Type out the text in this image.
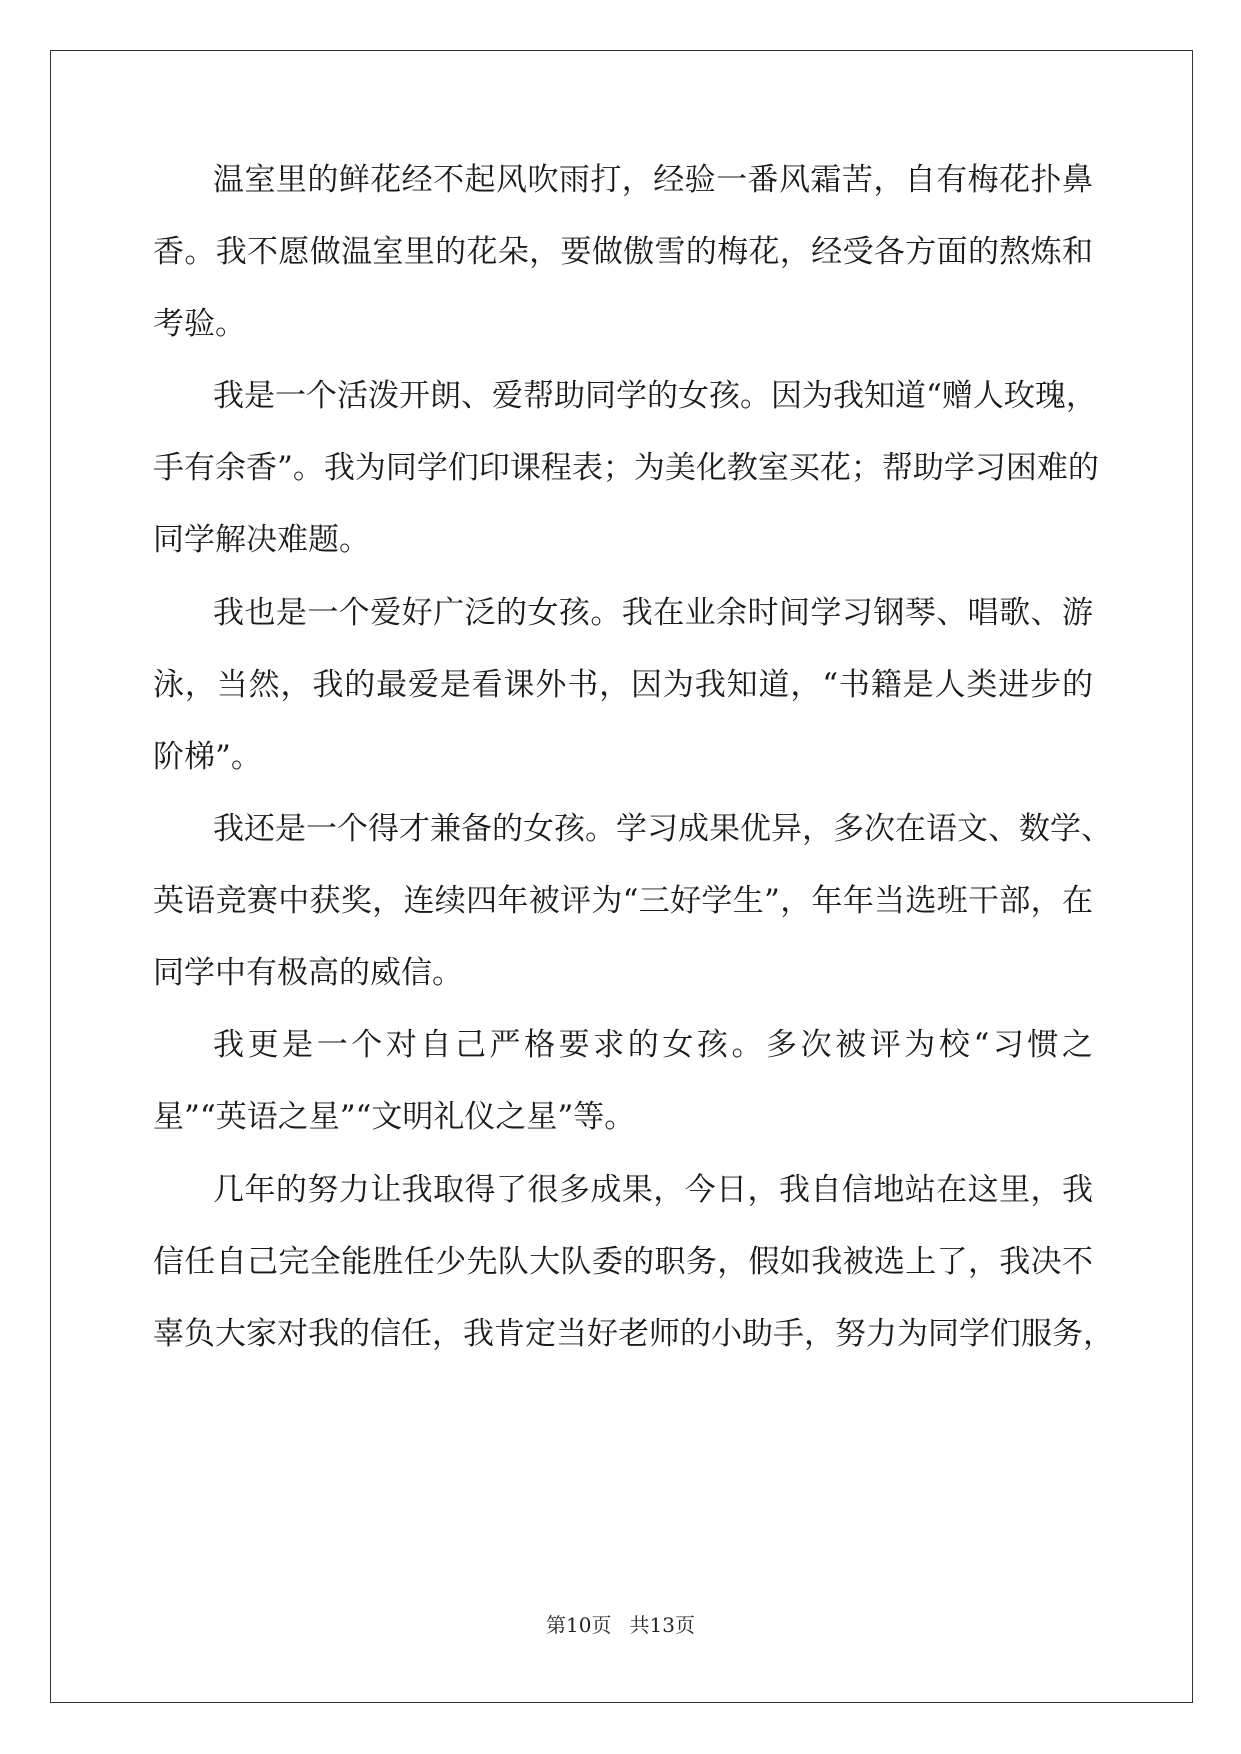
温室里的鲜花经不起风吹雨打，经验一番风霜苦，自有梅花扑鼻
香。我不愿做温室里的花朵，要做傲雪的梅花，经受各方面的熬炼和
考验。
我是一个活泼开朗、爱帮助同学的女孩。因为我知道“赠人玫瑰，
手有余香”。我为同学们印课程表；为美化教室买花；帮助学习困难的
同学解决难题。
我也是一个爱好广泛的女孩。我在业余时间学习钢琴、唱歌、游
泳，当然，我的最爱是看课外书，因为我知道，“书籍是人类进步的
阶梯”。
我还是一个得才兼备的女孩。学习成果优异，多次在语文、数学、
英语竞赛中获奖，连续四年被评为“三好学生”，年年当选班干部，在
同学中有极高的威信。
我更是一个对自己严格要求的女孩。多次被评为校“习惯之
星”“英语之星”“文明礼仪之星”等。
几年的努力让我取得了很多成果，今日，我自信地站在这里，我
信任自己完全能胜任少先队大队委的职务，假如我被选上了，我决不
辜负大家对我的信任，我肯定当好老师的小助手，努力为同学们服务，
第10页 共13页
